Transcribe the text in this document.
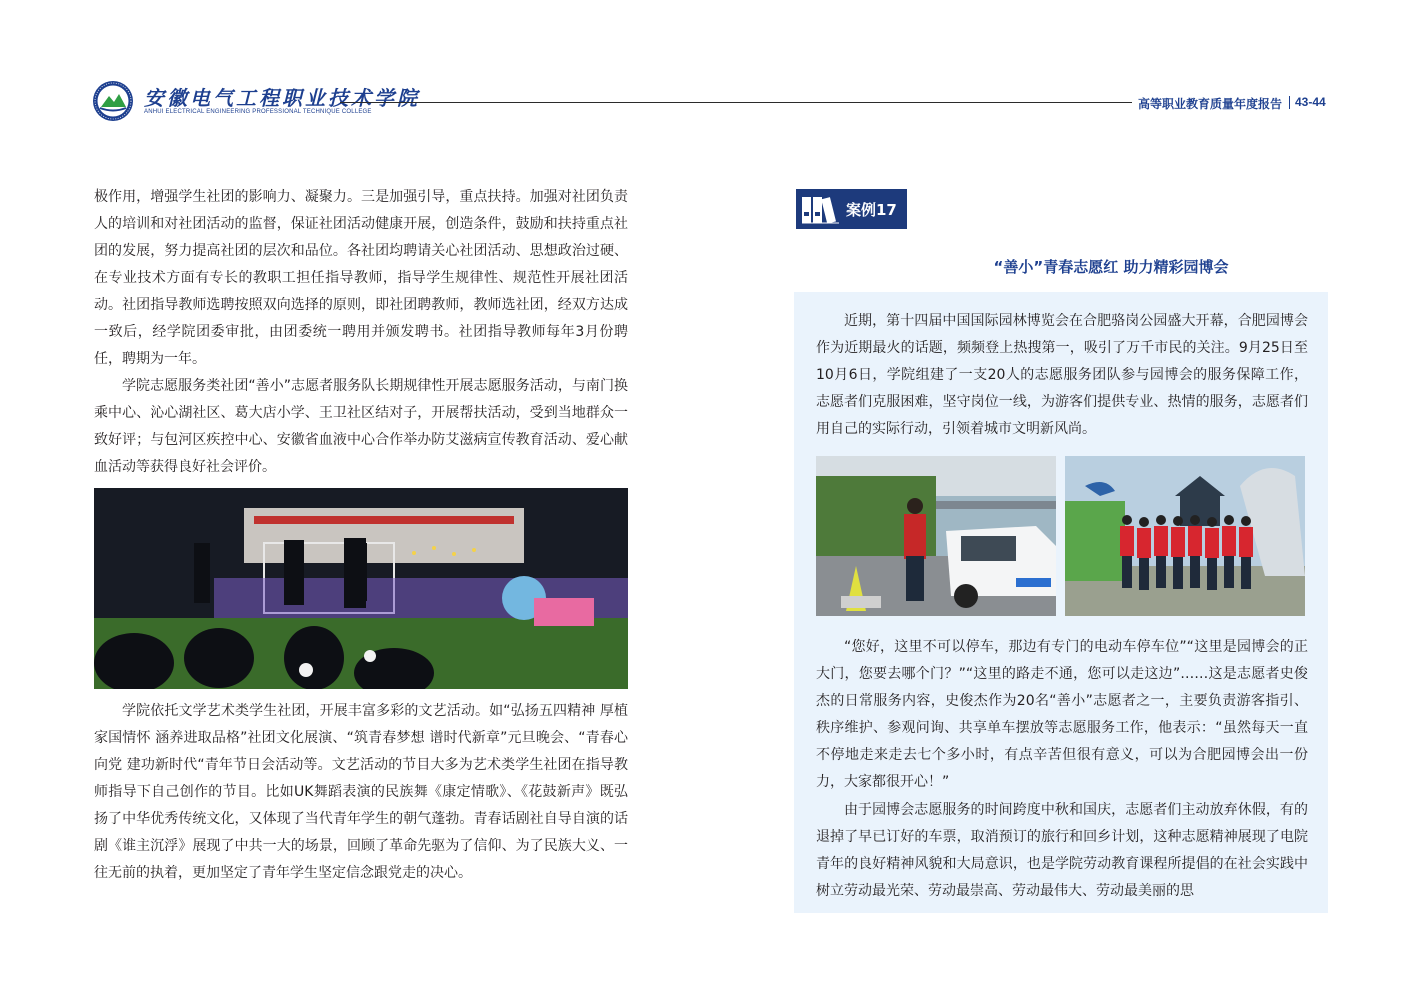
安徽电气工程职业技术学院
ANHUI ELECTRICAL ENGINEERING PROFESSIONAL TECHNIQUE COLLEGE
高等职业教育质量年度报告 43-44

极作用，增强学生社团的影响力、凝聚力。三是加强引导，重点扶持。加强对社团负责人的培训和对社团活动的监督，保证社团活动健康开展，创造条件，鼓励和扶持重点社团的发展，努力提高社团的层次和品位。各社团均聘请关心社团活动、思想政治过硬、在专业技术方面有专长的教职工担任指导教师，指导学生规律性、规范性开展社团活动。社团指导教师选聘按照双向选择的原则，即社团聘教师，教师选社团，经双方达成一致后，经学院团委审批，由团委统一聘用并颁发聘书。社团指导教师每年3月份聘任，聘期为一年。

学院志愿服务类社团“善小”志愿者服务队长期规律性开展志愿服务活动，与南门换乘中心、沁心湖社区、葛大店小学、王卫社区结对子，开展帮扶活动，受到当地群众一致好评；与包河区疾控中心、安徽省血液中心合作举办防艾滋病宣传教育活动、爱心献血活动等获得良好社会评价。

学院依托文学艺术类学生社团，开展丰富多彩的文艺活动。如“弘扬五四精神 厚植家国情怀 涵养进取品格”社团文化展演、“筑青春梦想 谱时代新章”元旦晚会、“青春心向党 建功新时代“青年节日会活动等。文艺活动的节目大多为艺术类学生社团在指导教师指导下自己创作的节目。比如UK舞蹈表演的民族舞《康定情歌》、《花鼓新声》既弘扬了中华优秀传统文化，又体现了当代青年学生的朝气蓬勃。青春话剧社自导自演的话剧《谁主沉浮》展现了中共一大的场景，回顾了革命先驱为了信仰、为了民族大义、一往无前的执着，更加坚定了青年学生坚定信念跟党走的决心。

案例17
“善小”青春志愿红 助力精彩园博会

近期，第十四届中国国际园林博览会在合肥骆岗公园盛大开幕，合肥园博会作为近期最火的话题，频频登上热搜第一，吸引了万千市民的关注。9月25日至10月6日，学院组建了一支20人的志愿服务团队参与园博会的服务保障工作，志愿者们克服困难，坚守岗位一线，为游客们提供专业、热情的服务，志愿者们用自己的实际行动，引领着城市文明新风尚。

“您好，这里不可以停车，那边有专门的电动车停车位”“这里是园博会的正大门，您要去哪个门？”“这里的路走不通，您可以走这边”……这是志愿者史俊杰的日常服务内容，史俊杰作为20名“善小”志愿者之一，主要负责游客指引、秩序维护、参观问询、共享单车摆放等志愿服务工作，他表示：“虽然每天一直不停地走来走去七个多小时，有点辛苦但很有意义，可以为合肥园博会出一份力，大家都很开心！”

由于园博会志愿服务的时间跨度中秋和国庆，志愿者们主动放弃休假，有的退掉了早已订好的车票，取消预订的旅行和回乡计划，这种志愿精神展现了电院青年的良好精神风貌和大局意识，也是学院劳动教育课程所提倡的在社会实践中树立劳动最光荣、劳动最崇高、劳动最伟大、劳动最美丽的思
